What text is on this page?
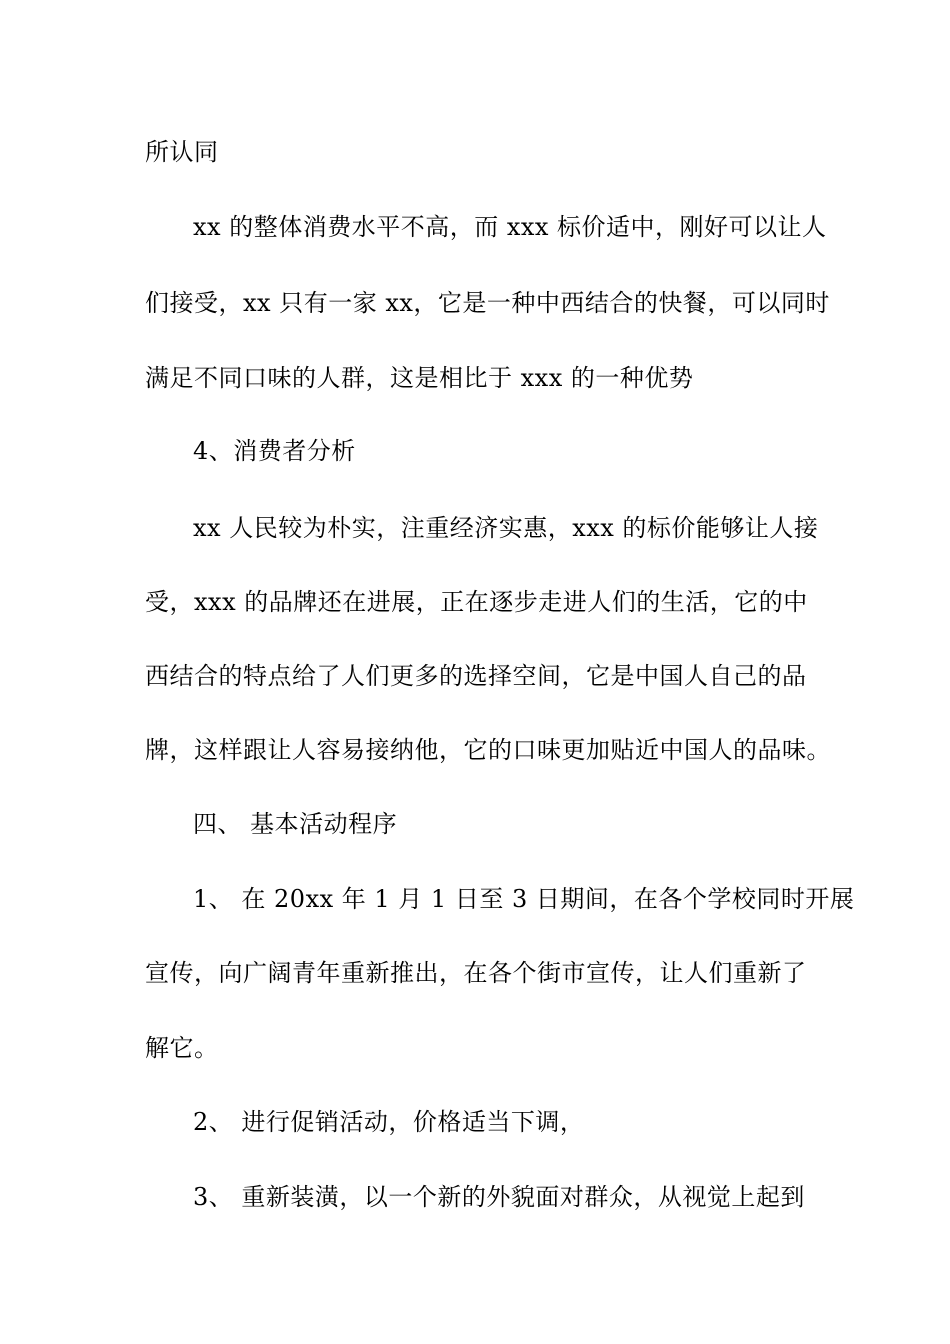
所认同
xx 的整体消费水平不高，而 xxx 标价适中，刚好可以让人
们接受，xx 只有一家 xx，它是一种中西结合的快餐，可以同时
满足不同口味的人群，这是相比于 xxx 的一种优势
4、消费者分析
xx 人民较为朴实，注重经济实惠，xxx 的标价能够让人接
受，xxx 的品牌还在进展，正在逐步走进人们的生活，它的中
西结合的特点给了人们更多的选择空间，它是中国人自己的品
牌，这样跟让人容易接纳他，它的口味更加贴近中国人的品味。
四、 基本活动程序
1、 在 20xx 年 1 月 1 日至 3 日期间，在各个学校同时开展
宣传，向广阔青年重新推出，在各个街市宣传，让人们重新了
解它。
2、 进行促销活动，价格适当下调，
3、 重新装潢，以一个新的外貌面对群众，从视觉上起到
